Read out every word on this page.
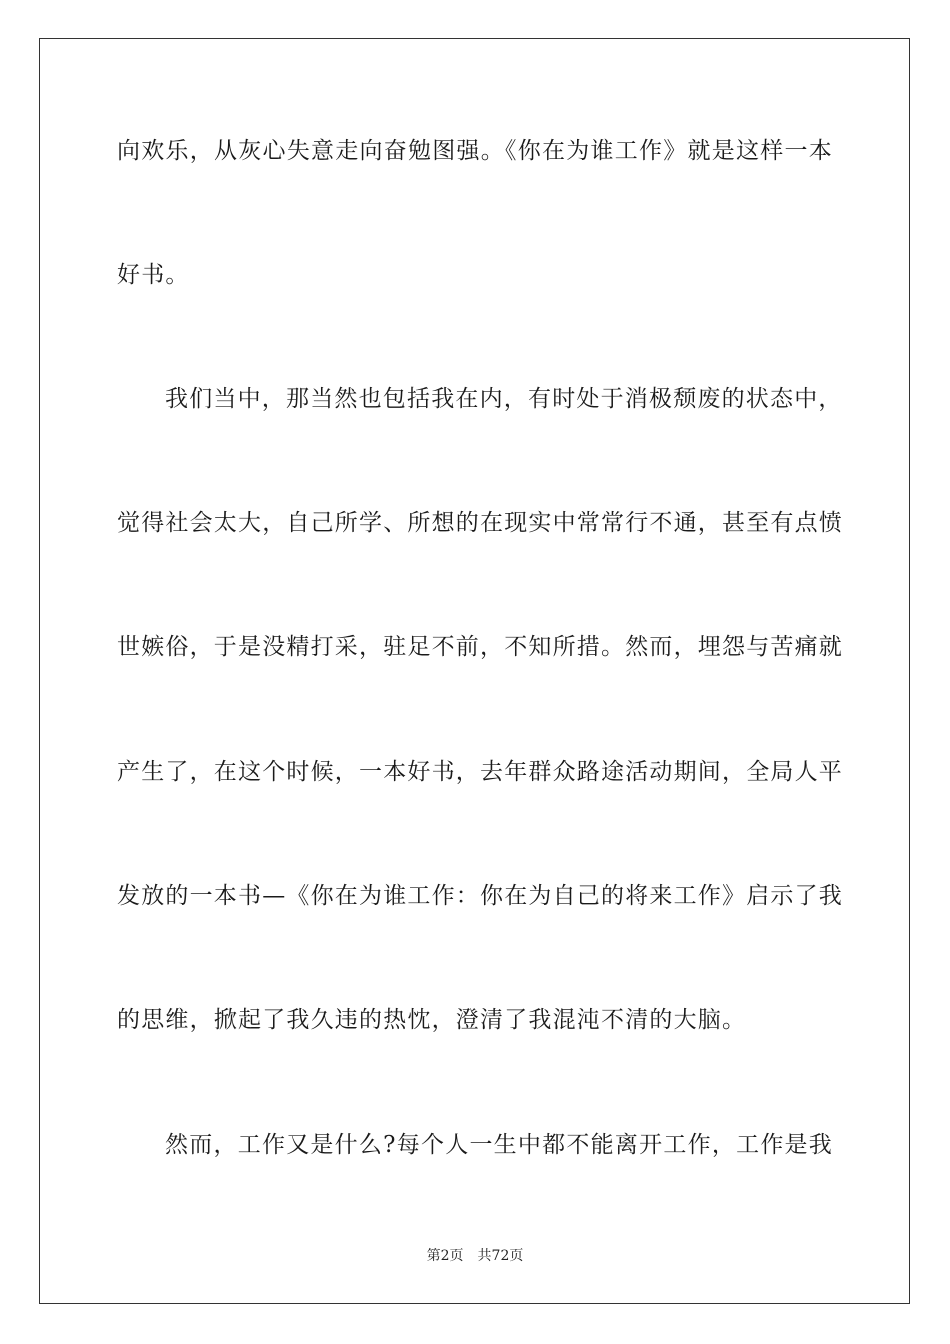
向欢乐，从灰心失意走向奋勉图强。《你在为谁工作》就是这样一本
好书。
我们当中，那当然也包括我在内，有时处于消极颓废的状态中，
觉得社会太大，自己所学、所想的在现实中常常行不通，甚至有点愤
世嫉俗，于是没精打采，驻足不前，不知所措。然而，埋怨与苦痛就
产生了，在这个时候，一本好书，去年群众路途活动期间，全局人平
发放的一本书—《你在为谁工作：你在为自己的将来工作》启示了我
的思维，掀起了我久违的热忱，澄清了我混沌不清的大脑。
然而，工作又是什么?每个人一生中都不能离开工作，工作是我
第2页 共72页
